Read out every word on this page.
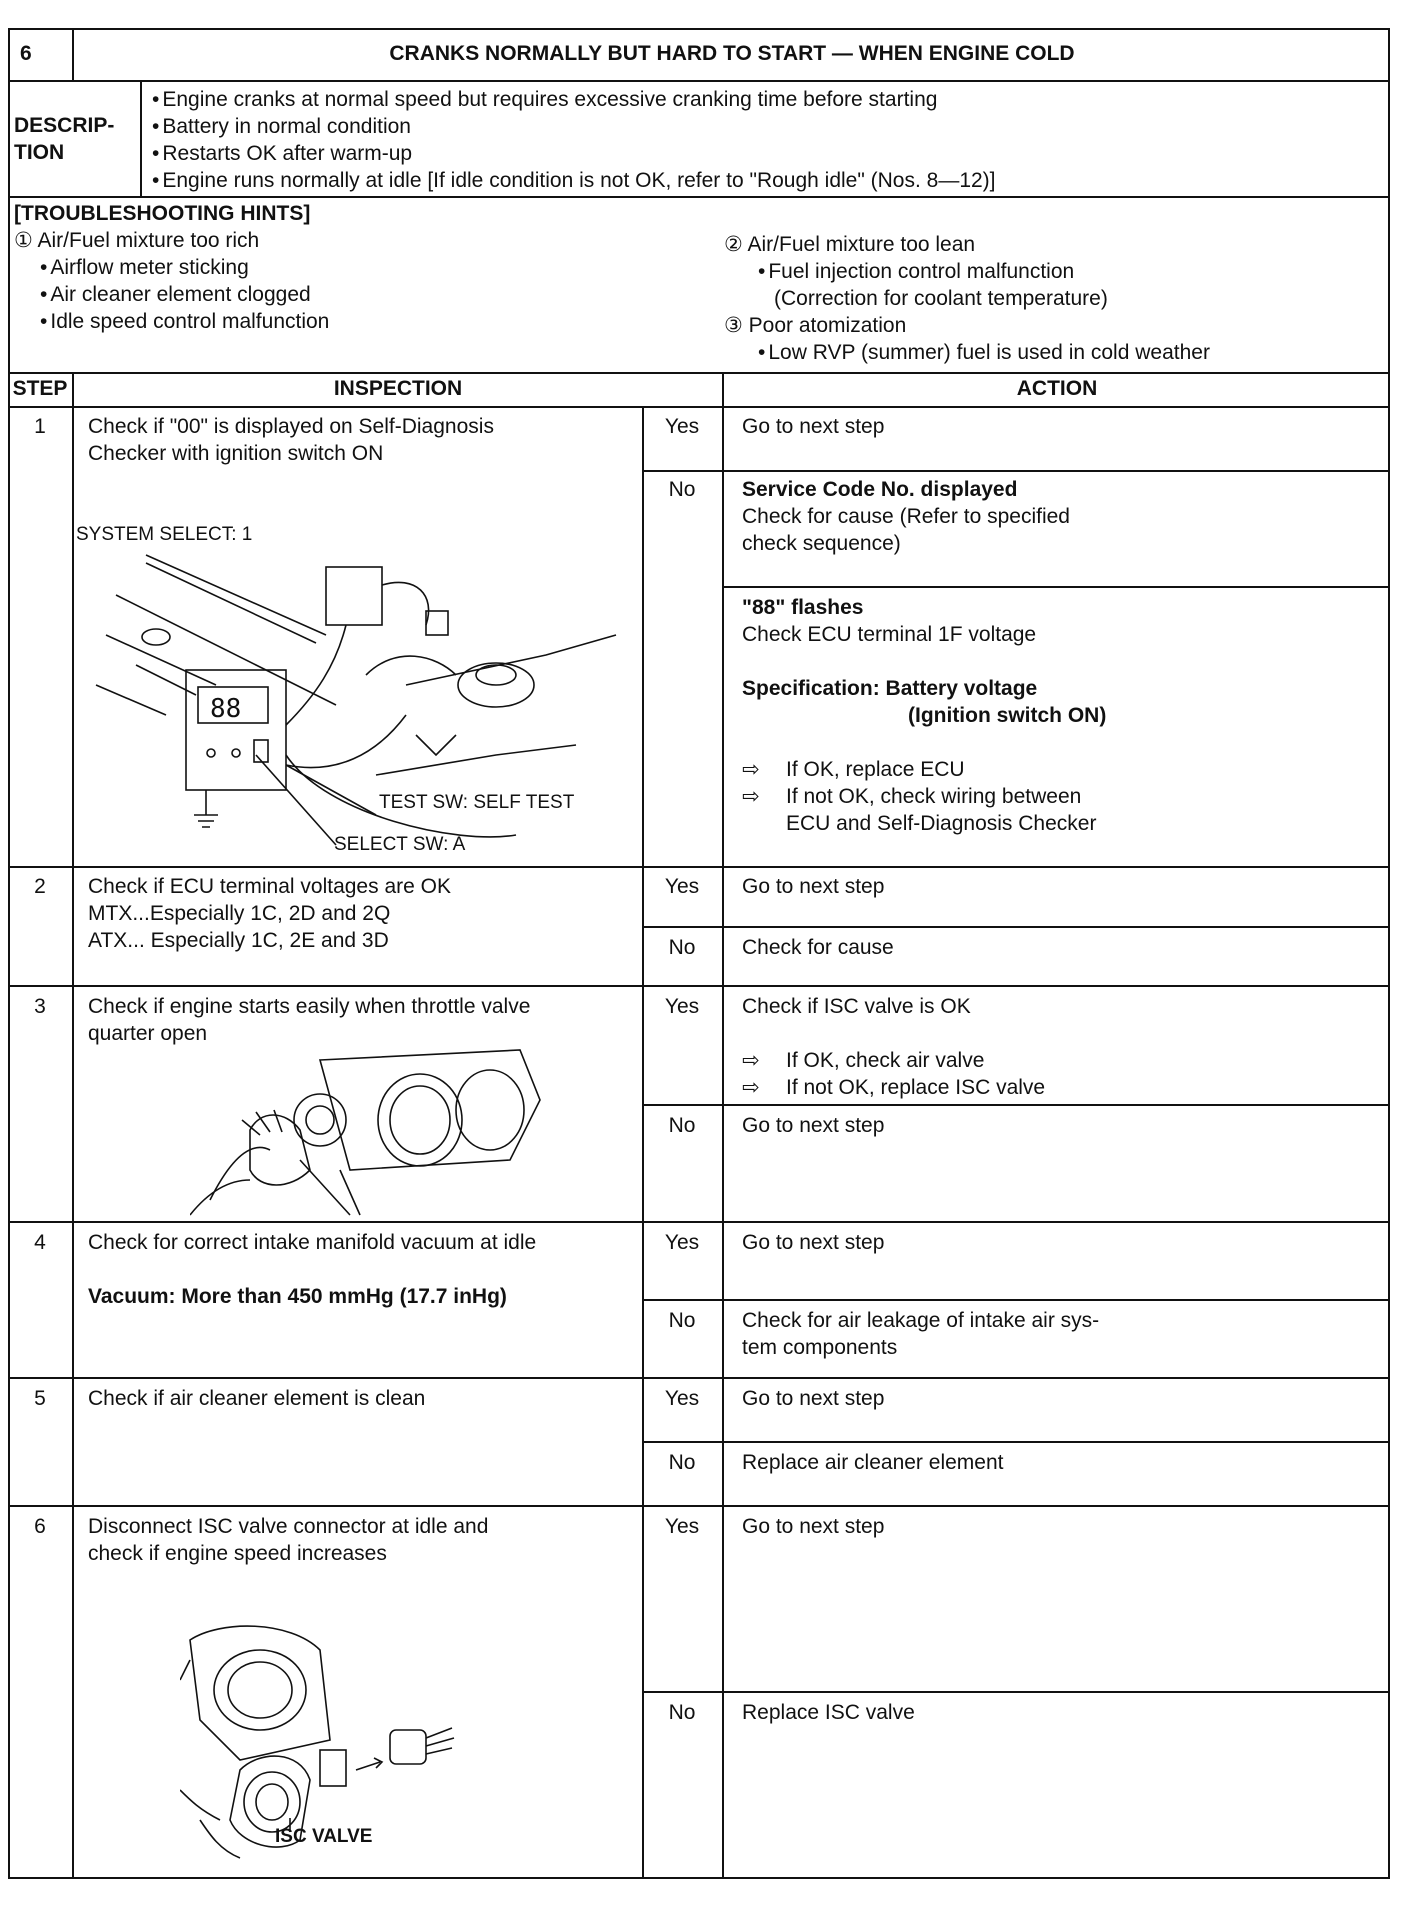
6	CRANKS NORMALLY BUT HARD TO START — WHEN ENGINE COLD
DESCRIP-
TION
• Engine cranks at normal speed but requires excessive cranking time before starting
• Battery in normal condition
• Restarts OK after warm-up
• Engine runs normally at idle [If idle condition is not OK, refer to "Rough idle" (Nos. 8—12)]
[TROUBLESHOOTING HINTS]
① Air/Fuel mixture too rich
• Airflow meter sticking
• Air cleaner element clogged
• Idle speed control malfunction
② Air/Fuel mixture too lean
• Fuel injection control malfunction
(Correction for coolant temperature)
③ Poor atomization
• Low RVP (summer) fuel is used in cold weather
STEP	INSPECTION	ACTION
1	Check if "00" is displayed on Self-Diagnosis
Checker with ignition switch ON
Yes	Go to next step
No	Service Code No. displayed
Check for cause (Refer to specified
check sequence)
"88" flashes
Check ECU terminal 1F voltage
Specification: Battery voltage
(Ignition switch ON)
⇨ If OK, replace ECU
⇨ If not OK, check wiring between
ECU and Self-Diagnosis Checker
88
SYSTEM SELECT: 1
TEST SW: SELF TEST
SELECT SW: A
2	Check if ECU terminal voltages are OK
MTX...Especially 1C, 2D and 2Q
ATX... Especially 1C, 2E and 3D
Yes	Go to next step
No	Check for cause
3	Check if engine starts easily when throttle valve
quarter open
Yes	Check if ISC valve is OK
⇨ If OK, check air valve
⇨ If not OK, replace ISC valve
No	Go to next step
4	Check for correct intake manifold vacuum at idle
Vacuum: More than 450 mmHg (17.7 inHg)
Yes	Go to next step
No	Check for air leakage of intake air sys-
tem components
5	Check if air cleaner element is clean	Yes	Go to next step
No	Replace air cleaner element
6	Disconnect ISC valve connector at idle and
check if engine speed increases
Yes	Go to next step
No	Replace ISC valve
ISC VALVE
